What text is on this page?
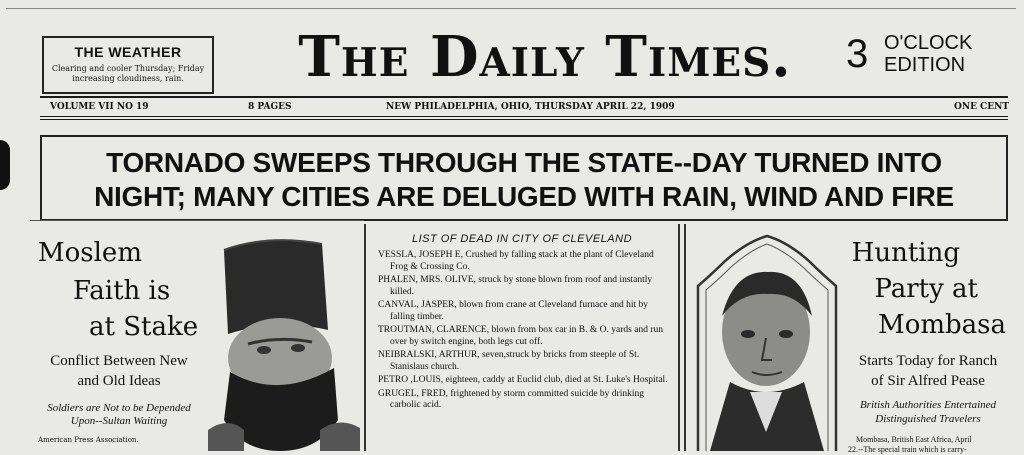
THE WEATHER
Clearing and cooler Thursday; Friday
increasing cloudiness, rain.	The Daily Times.	3 O'CLOCK
EDITION
VOLUME VII NO 19	8 PAGES	NEW PHILADELPHIA, OHIO, THURSDAY APRIL 22, 1909	ONE CENT
TORNADO SWEEPS THROUGH THE STATE--DAY TURNED INTO
NIGHT; MANY CITIES ARE DELUGED WITH RAIN, WIND AND FIRE
Moslem
Faith is
at Stake
Conflict Between New
and Old Ideas
Soldiers are Not to be Depended
Upon--Sultan Waiting
American Press Association.
LIST OF DEAD IN CITY OF CLEVELAND
VESSLA, JOSEPH E, Crushed by falling stack at the plant of Cleveland Frog & Crossing Co.
PHALEN, MRS. OLIVE, struck by stone blown from roof and instantly killed.
CANVAL, JASPER, blown from crane at Cleveland furnace and hit by falling timber.
TROUTMAN, CLARENCE, blown from box car in B. & O. yards and run over by switch engine, both legs cut off.
NEIBRALSKI, ARTHUR, seven,struck by bricks from steeple of St. Stanislaus church.
PETRO ,LOUIS, eighteen, caddy at Euclid club, died at St. Luke's Hospital.
GRUGEL, FRED, frightened by storm committed suicide by drinking carbolic acid.
Hunting
Party at
Mombasa
Starts Today for Ranch
of Sir Alfred Pease
British Authorities Entertained
Distinguished Travelers
Mombasa, British East Africa, April
22.--The special train which is carry-
